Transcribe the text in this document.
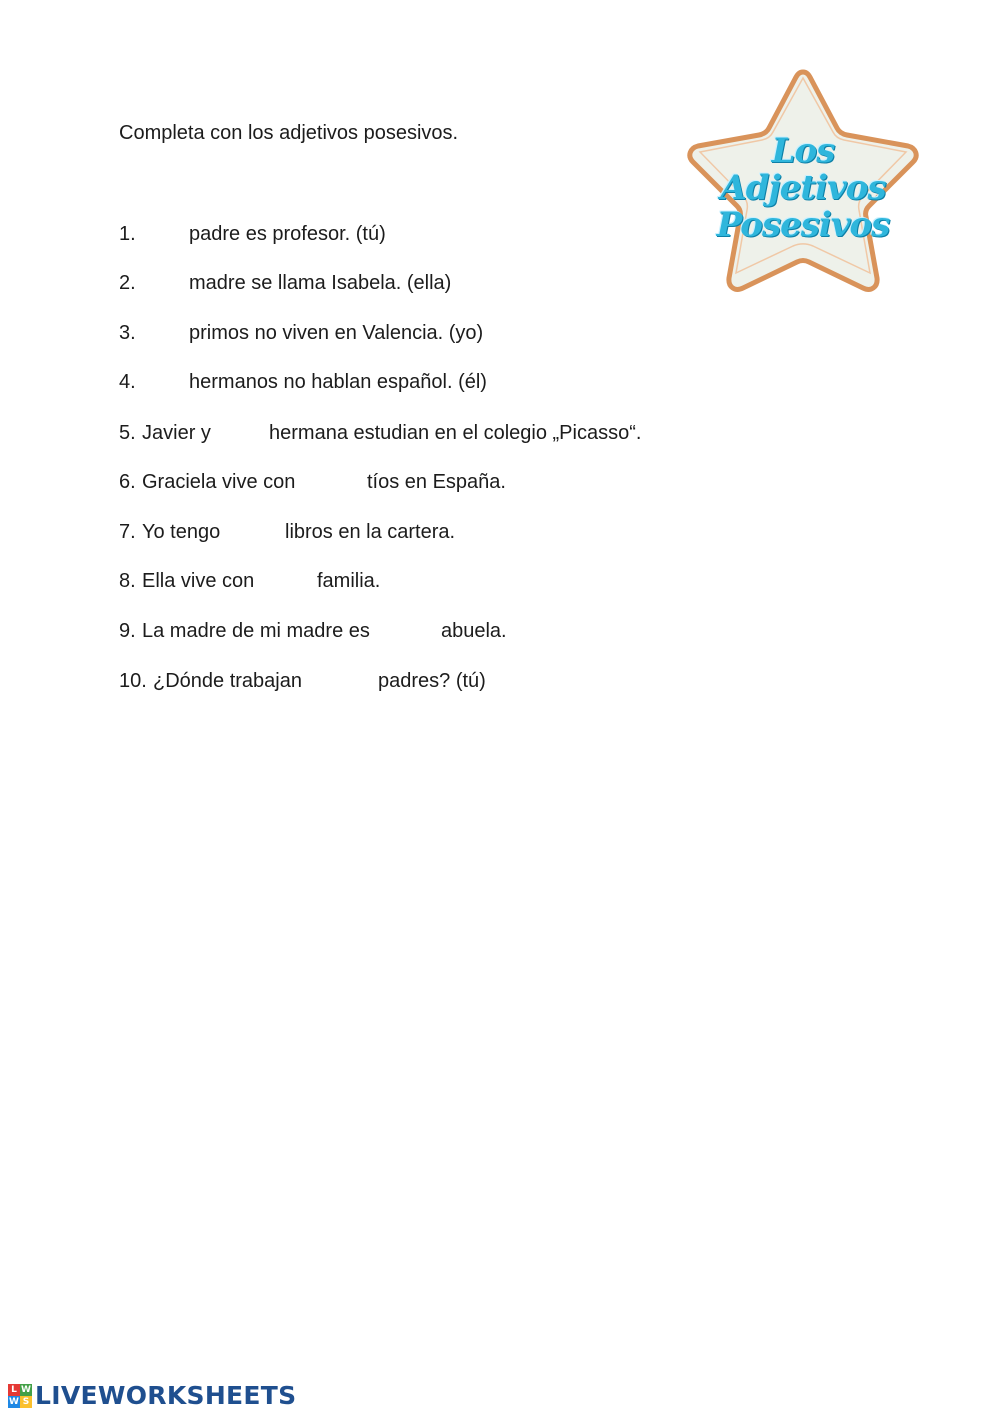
Completa con los adjetivos posesivos.
1.	padre es profesor. (tú)
2.	madre se llama Isabela. (ella)
3.	primos no viven en Valencia. (yo)
4.	hermanos no hablan español. (él)
5. Javier y	hermana estudian en el colegio „Picasso“.
6. Graciela vive con	tíos en España.
7. Yo tengo	libros en la cartera.
8. Ella vive con	familia.
9. La madre de mi madre es	abuela.
10. ¿Dónde trabajan	padres? (tú)
Los
Adjetivos
Posesivos
L W
W S LIVEWORKSHEETS
